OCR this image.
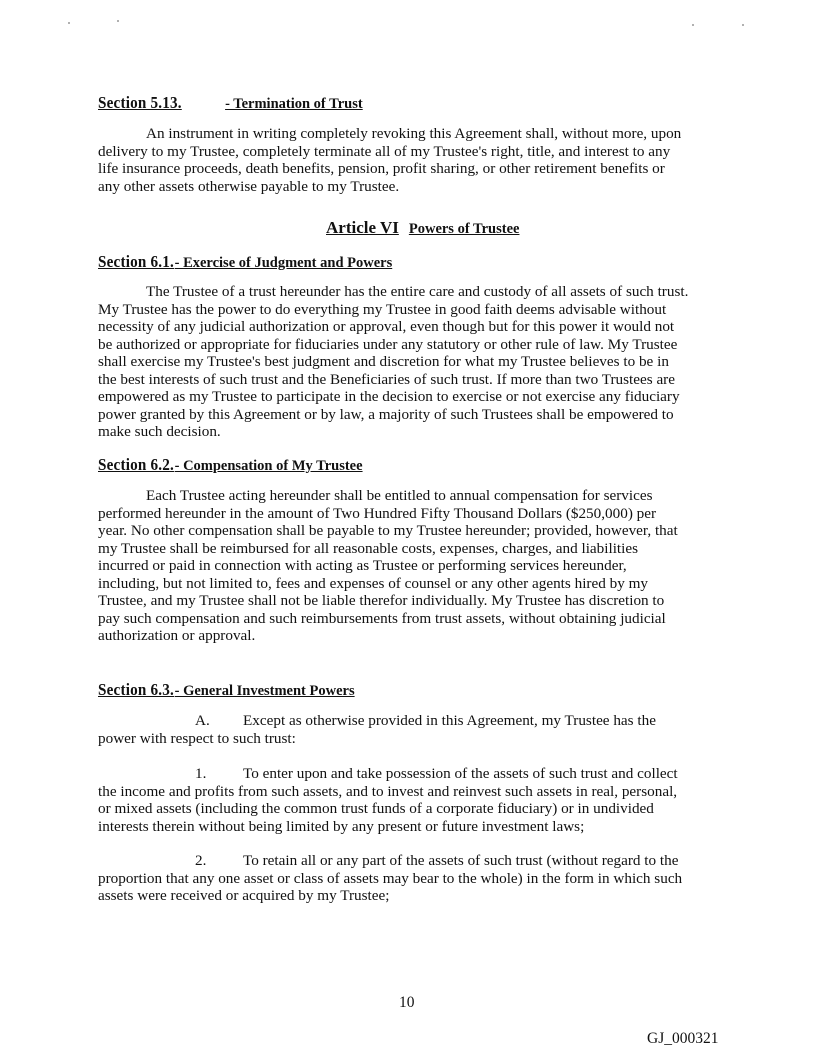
Section 5.13.	- Termination of Trust
An instrument in writing completely revoking this Agreement shall, without more, upon
delivery to my Trustee, completely terminate all of my Trustee's right, title, and interest to any
life insurance proceeds, death benefits, pension, profit sharing, or other retirement benefits or
any other assets otherwise payable to my Trustee.
Article VI Powers of Trustee
Section 6.1.- Exercise of Judgment and Powers
The Trustee of a trust hereunder has the entire care and custody of all assets of such trust.
My Trustee has the power to do everything my Trustee in good faith deems advisable without
necessity of any judicial authorization or approval, even though but for this power it would not
be authorized or appropriate for fiduciaries under any statutory or other rule of law. My Trustee
shall exercise my Trustee's best judgment and discretion for what my Trustee believes to be in
the best interests of such trust and the Beneficiaries of such trust. If more than two Trustees are
empowered as my Trustee to participate in the decision to exercise or not exercise any fiduciary
power granted by this Agreement or by law, a majority of such Trustees shall be empowered to
make such decision.
Section 6.2.- Compensation of My Trustee
Each Trustee acting hereunder shall be entitled to annual compensation for services
performed hereunder in the amount of Two Hundred Fifty Thousand Dollars ($250,000) per
year. No other compensation shall be payable to my Trustee hereunder; provided, however, that
my Trustee shall be reimbursed for all reasonable costs, expenses, charges, and liabilities
incurred or paid in connection with acting as Trustee or performing services hereunder,
including, but not limited to, fees and expenses of counsel or any other agents hired by my
Trustee, and my Trustee shall not be liable therefor individually. My Trustee has discretion to
pay such compensation and such reimbursements from trust assets, without obtaining judicial
authorization or approval.
Section 6.3.- General Investment Powers
A. Except as otherwise provided in this Agreement, my Trustee has the
power with respect to such trust:
1. To enter upon and take possession of the assets of such trust and collect
the income and profits from such assets, and to invest and reinvest such assets in real, personal,
or mixed assets (including the common trust funds of a corporate fiduciary) or in undivided
interests therein without being limited by any present or future investment laws;
2. To retain all or any part of the assets of such trust (without regard to the
proportion that any one asset or class of assets may bear to the whole) in the form in which such
assets were received or acquired by my Trustee;
10
GJ_000321
